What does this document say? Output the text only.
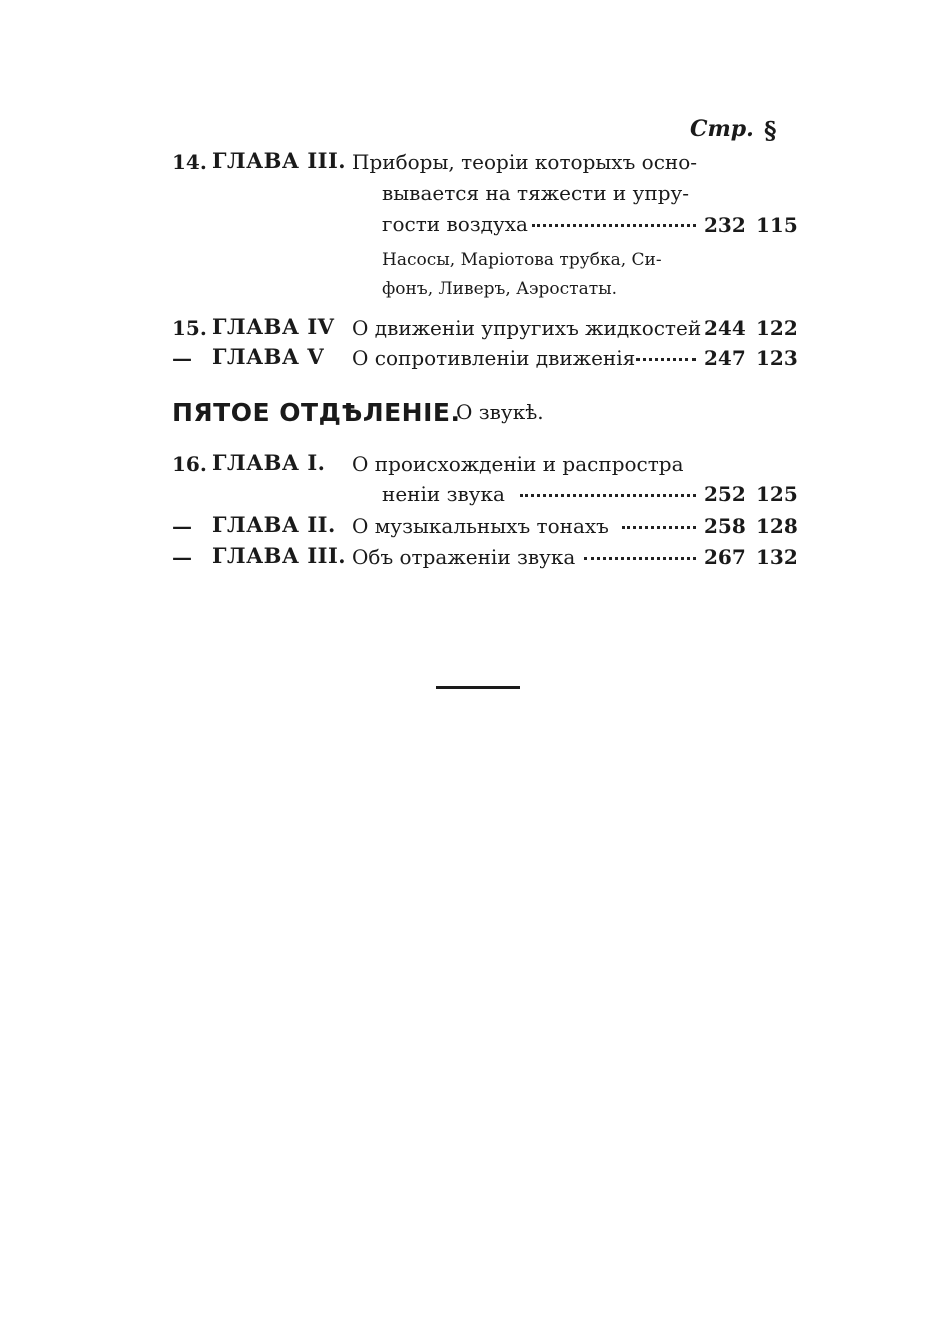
Стр. §
14. ГЛАВА III. Приборы, теоріи которыхъ осно-
вывается на тяжести и упру-
гости воздуха	232 115
Насосы, Маріотова трубка, Си-
фонъ, Ливеръ, Аэростаты.
15. ГЛАВА IV О движеніи упругихъ жидкостей 244 122
— ГЛАВА V О сопротивленіи движенія	247 123
ПЯТОЕ ОТДѢЛЕНІЕ.
О звукѣ.
16. ГЛАВА I. О происхожденіи и распростра
неніи звука	252 125
— ГЛАВА II. О музыкальныхъ тонахъ	258 128
— ГЛАВА III. Объ отраженіи звука	267 132
